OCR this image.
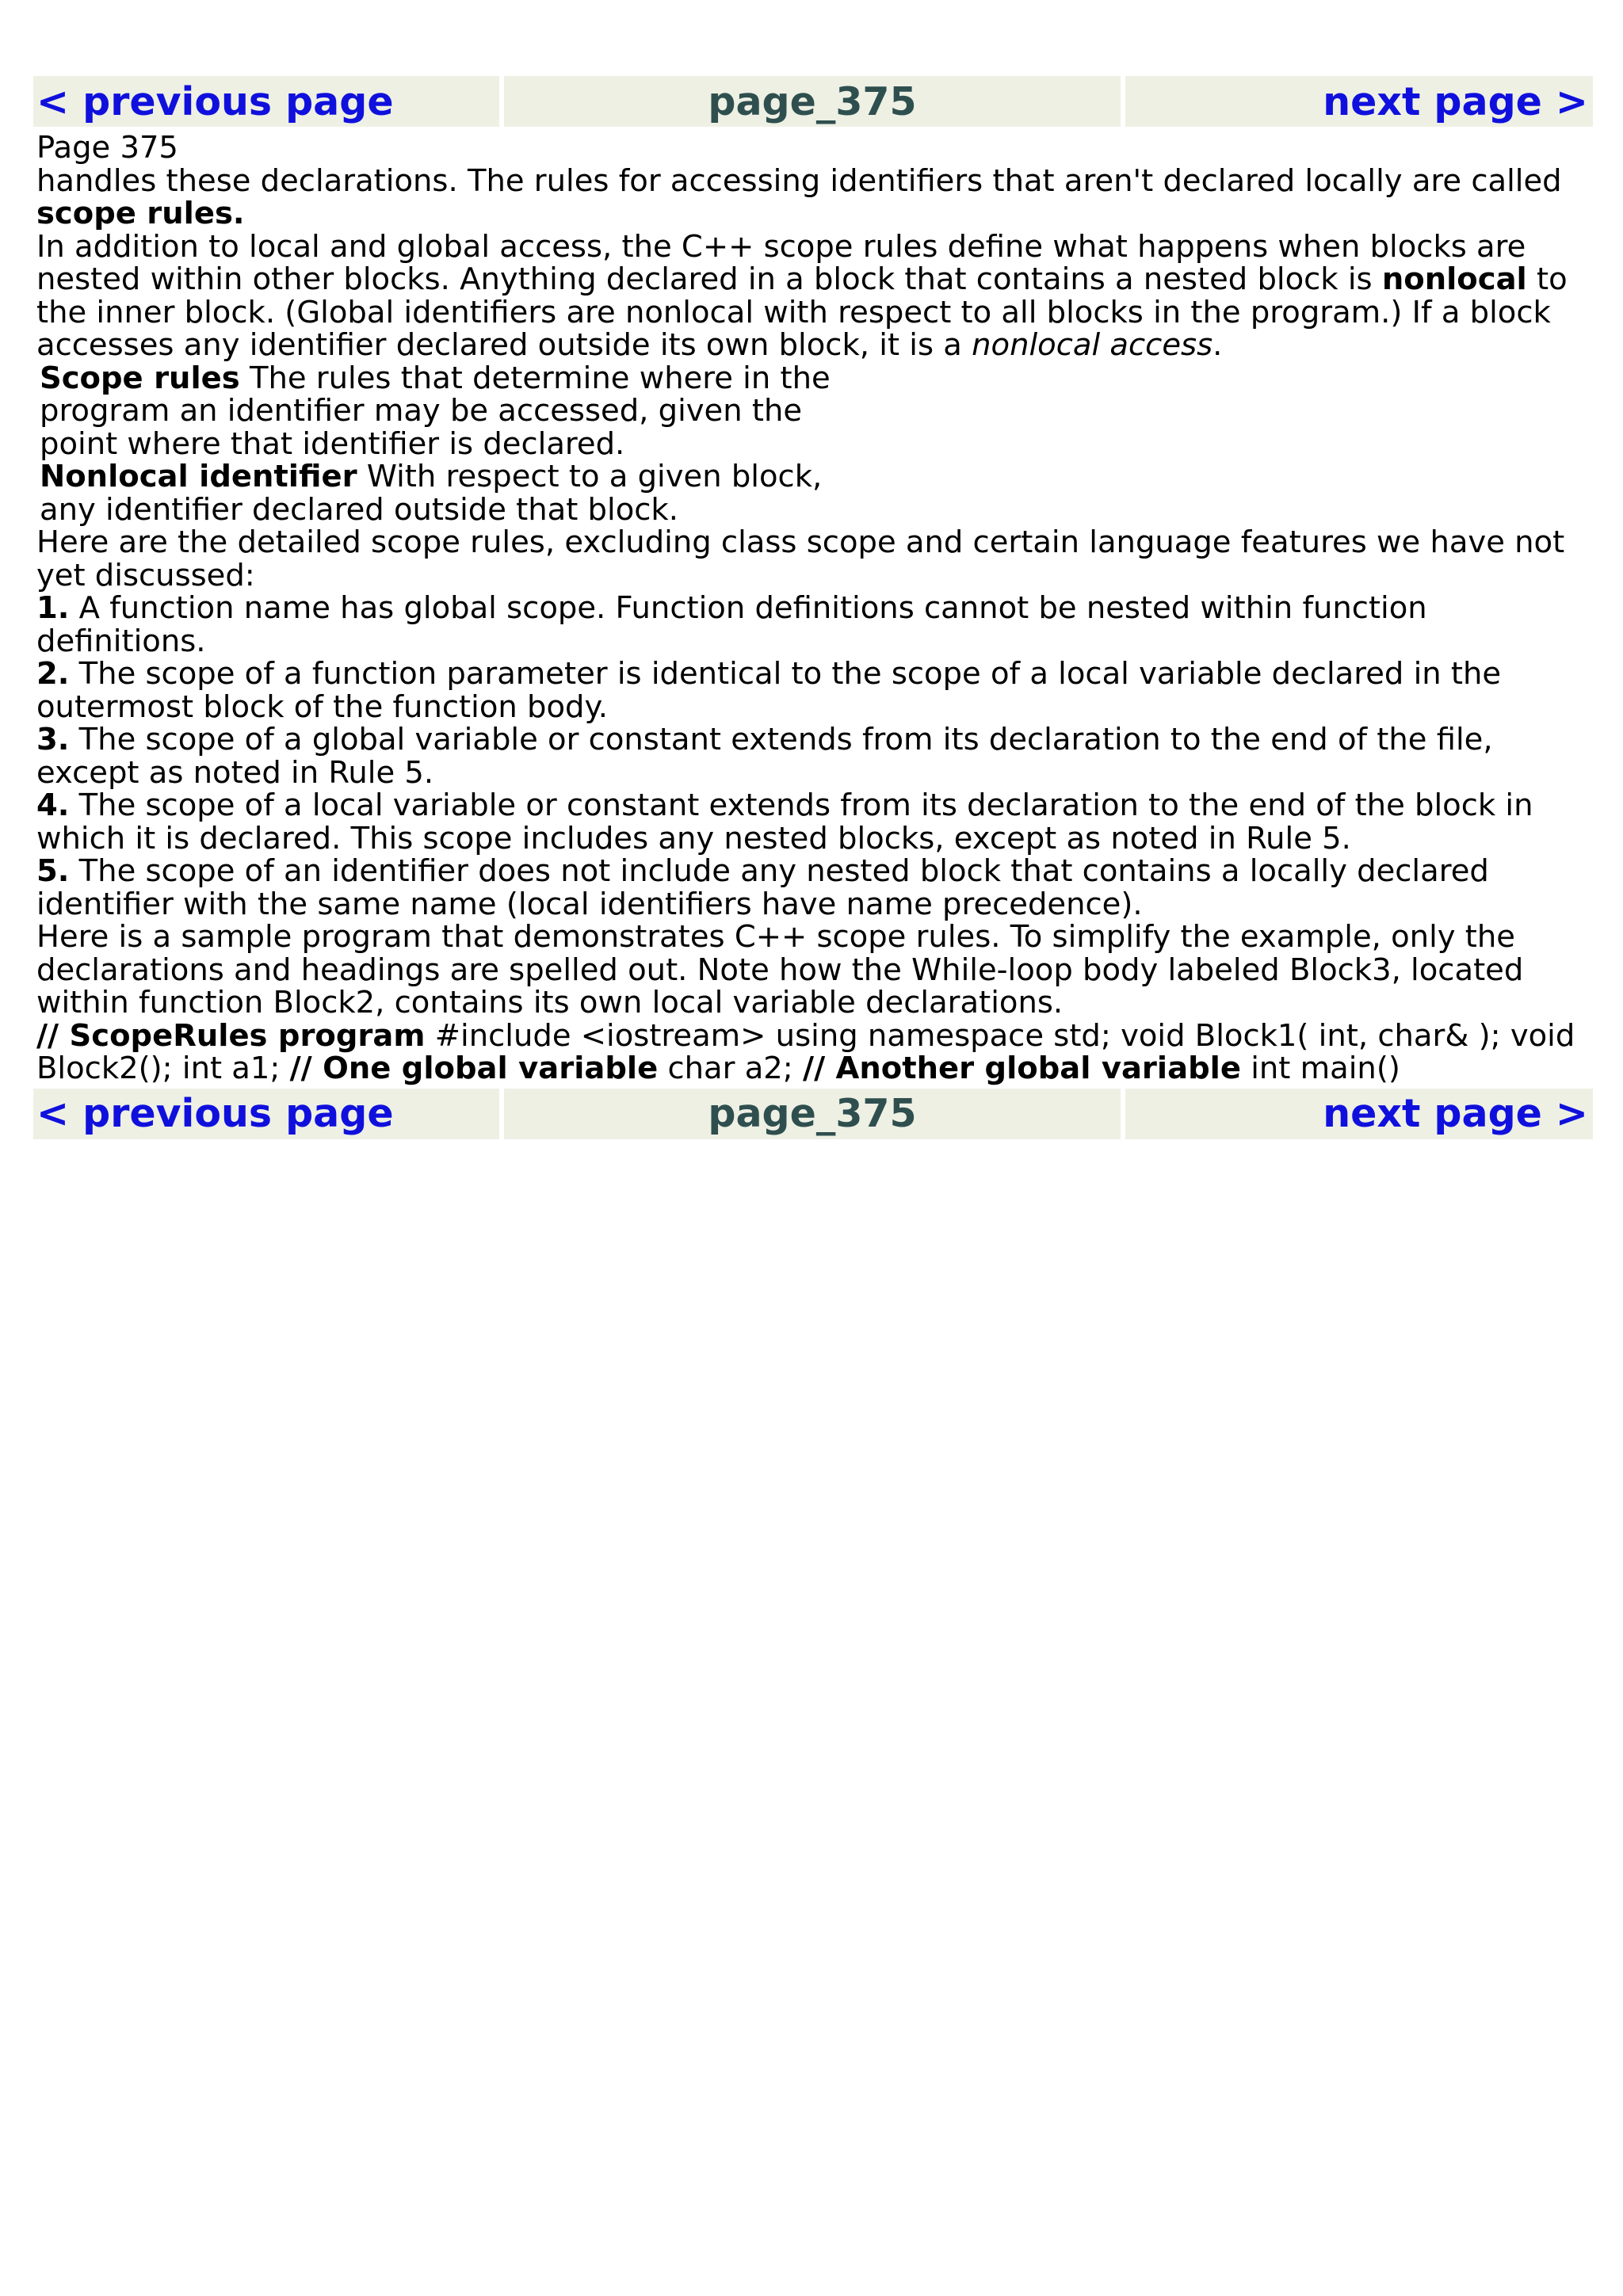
< previous page	page_375	next page >

Page 375

handles these declarations. The rules for accessing identifiers that aren't declared locally are called scope rules.

In addition to local and global access, the C++ scope rules define what happens when blocks are nested within other blocks. Anything declared in a block that contains a nested block is nonlocal to the inner block. (Global identifiers are nonlocal with respect to all blocks in the program.) If a block accesses any identifier declared outside its own block, it is a nonlocal access.

Scope rules The rules that determine where in the program an identifier may be accessed, given the point where that identifier is declared.

Nonlocal identifier With respect to a given block, any identifier declared outside that block.

Here are the detailed scope rules, excluding class scope and certain language features we have not yet discussed:

1. A function name has global scope. Function definitions cannot be nested within function definitions.

2. The scope of a function parameter is identical to the scope of a local variable declared in the outermost block of the function body.

3. The scope of a global variable or constant extends from its declaration to the end of the file, except as noted in Rule 5.

4. The scope of a local variable or constant extends from its declaration to the end of the block in which it is declared. This scope includes any nested blocks, except as noted in Rule 5.

5. The scope of an identifier does not include any nested block that contains a locally declared identifier with the same name (local identifiers have name precedence).

Here is a sample program that demonstrates C++ scope rules. To simplify the example, only the declarations and headings are spelled out. Note how the While-loop body labeled Block3, located within function Block2, contains its own local variable declarations.

// ScopeRules program #include <iostream> using namespace std; void Block1( int, char& ); void Block2(); int a1; // One global variable char a2; // Another global variable int main()

< previous page	page_375	next page >
